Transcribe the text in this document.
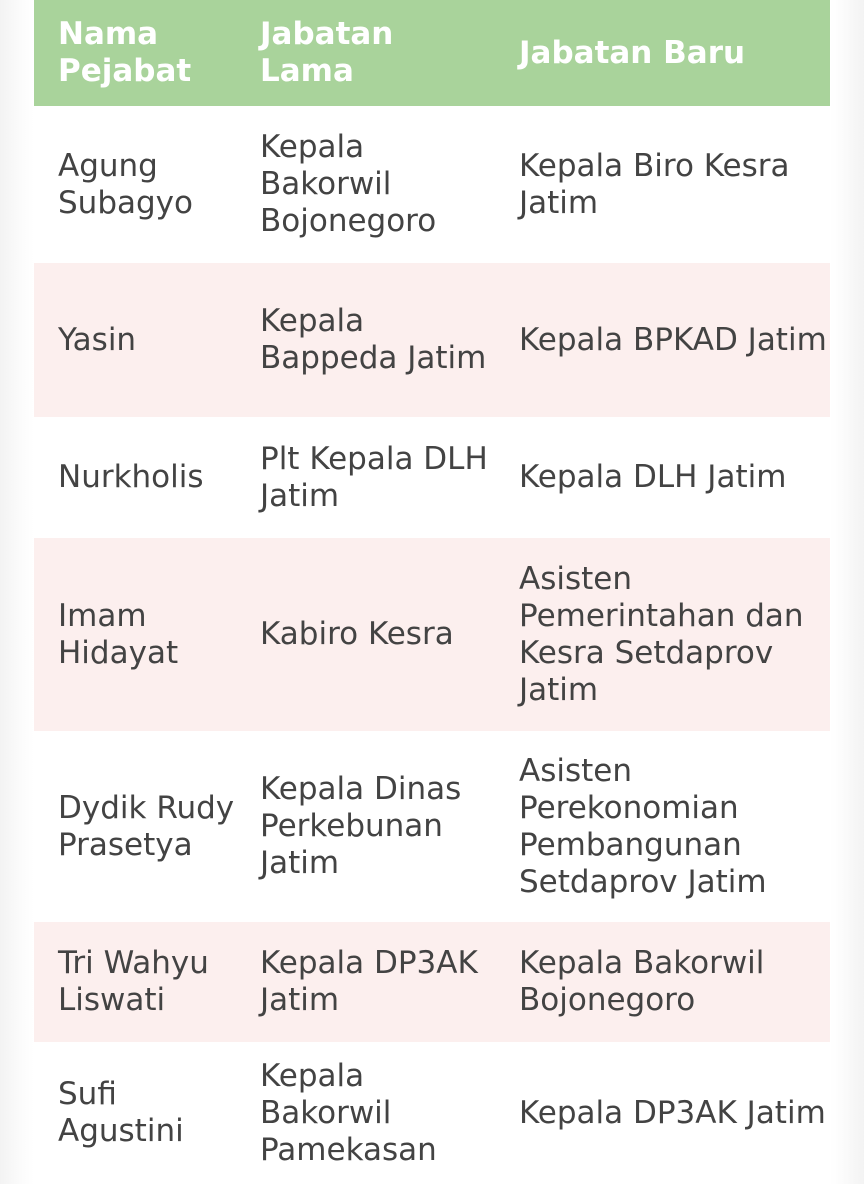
Nama Pejabat	Jabatan Lama	Jabatan Baru
Agung Subagyo	Kepala Bakorwil Bojonegoro	Kepala Biro Kesra Jatim
Yasin	Kepala Bappeda Jatim	Kepala BPKAD Jatim
Nurkholis	Plt Kepala DLH Jatim	Kepala DLH Jatim
Imam Hidayat	Kabiro Kesra	Asisten Pemerintahan dan Kesra Setdaprov Jatim
Dydik Rudy Prasetya	Kepala Dinas Perkebunan Jatim	Asisten Perekonomian Pembangunan Setdaprov Jatim
Tri Wahyu Liswati	Kepala DP3AK Jatim	Kepala Bakorwil Bojonegoro
Sufi Agustini	Kepala Bakorwil Pamekasan	Kepala DP3AK Jatim
